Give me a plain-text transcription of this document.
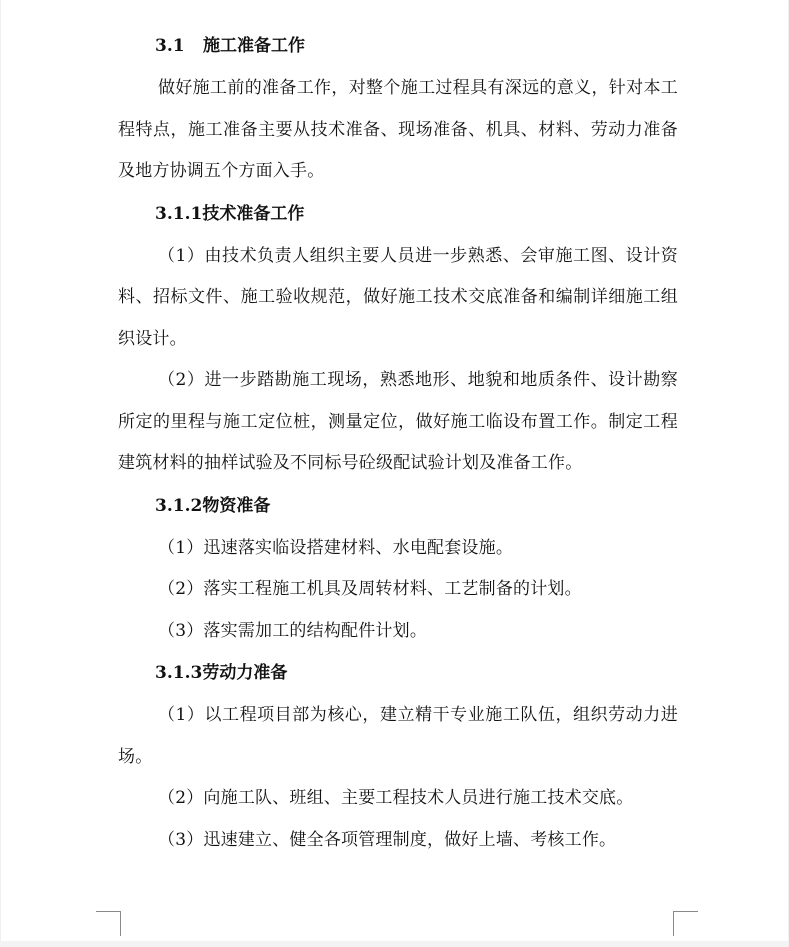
3.1 施工准备工作

做好施工前的准备工作，对整个施工过程具有深远的意义，针对本工程特点，施工准备主要从技术准备、现场准备、机具、材料、劳动力准备及地方协调五个方面入手。

3.1.1技术准备工作

（1）由技术负责人组织主要人员进一步熟悉、会审施工图、设计资料、招标文件、施工验收规范，做好施工技术交底准备和编制详细施工组织设计。

（2）进一步踏勘施工现场，熟悉地形、地貌和地质条件、设计勘察所定的里程与施工定位桩，测量定位，做好施工临设布置工作。制定工程建筑材料的抽样试验及不同标号砼级配试验计划及准备工作。

3.1.2物资准备

（1）迅速落实临设搭建材料、水电配套设施。

（2）落实工程施工机具及周转材料、工艺制备的计划。

（3）落实需加工的结构配件计划。

3.1.3劳动力准备

（1）以工程项目部为核心，建立精干专业施工队伍，组织劳动力进场。

（2）向施工队、班组、主要工程技术人员进行施工技术交底。

（3）迅速建立、健全各项管理制度，做好上墙、考核工作。
